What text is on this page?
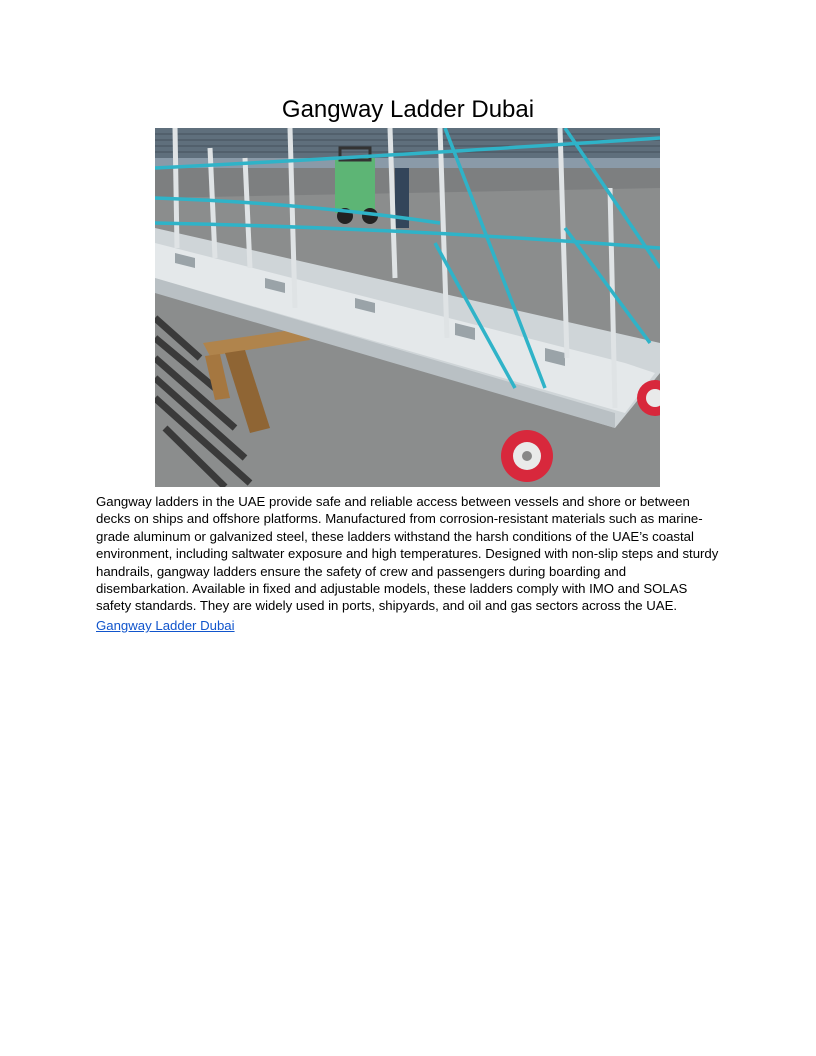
Gangway Ladder Dubai

Gangway ladders in the UAE provide safe and reliable access between vessels and shore or between decks on ships and offshore platforms. Manufactured from corrosion-resistant materials such as marine-grade aluminum or galvanized steel, these ladders withstand the harsh conditions of the UAE’s coastal environment, including saltwater exposure and high temperatures. Designed with non-slip steps and sturdy handrails, gangway ladders ensure the safety of crew and passengers during boarding and disembarkation. Available in fixed and adjustable models, these ladders comply with IMO and SOLAS safety standards. They are widely used in ports, shipyards, and oil and gas sectors across the UAE.

Gangway Ladder Dubai
